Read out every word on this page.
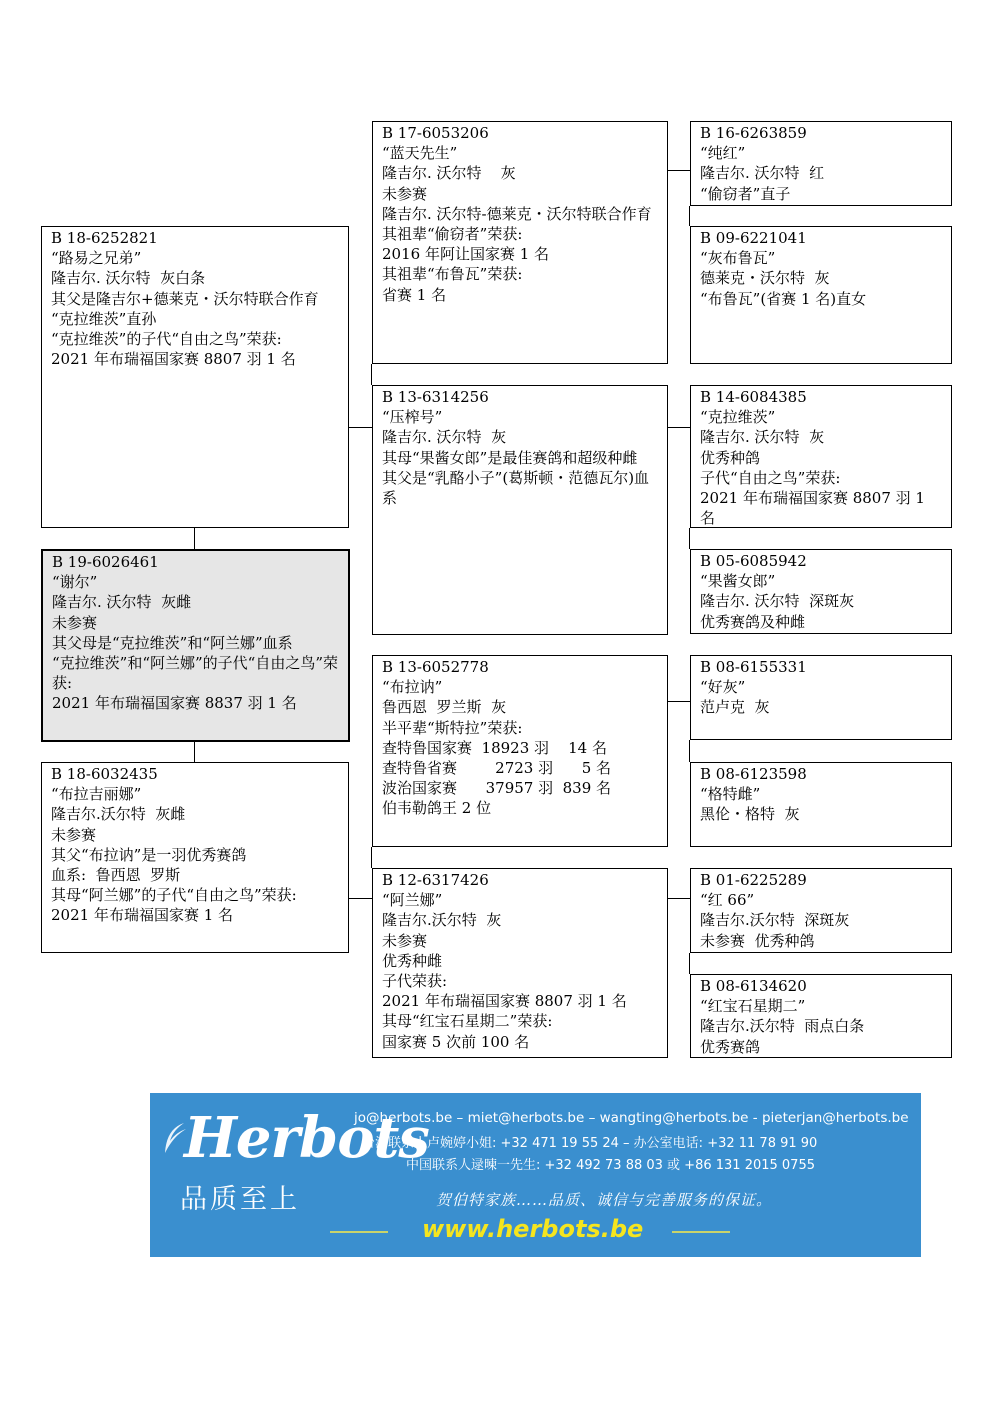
B 17-6053206
“蓝天先生”
隆吉尔. 沃尔特    灰
未参赛
隆吉尔. 沃尔特-德莱克・沃尔特联合作育
其祖辈“偷窃者”荣获:
2016 年阿让国家赛 1 名
其祖辈“布鲁瓦”荣获:
省赛 1 名
B 13-6314256
“压榨号”
隆吉尔. 沃尔特  灰
其母“果酱女郎”是最佳赛鸽和超级种雌
其父是“乳酪小子”(葛斯顿・范德瓦尔)血系
B 13-6052778
“布拉讷”
鲁西恩  罗兰斯  灰
半平辈“斯特拉”荣获:
查特鲁国家赛  18923 羽    14 名
查特鲁省赛        2723 羽      5 名
波治国家赛      37957 羽  839 名
伯韦勒鸽王 2 位
B 12-6317426
“阿兰娜”
隆吉尔.沃尔特  灰
未参赛
优秀种雌
子代荣获:
2021 年布瑞福国家赛 8807 羽 1 名
其母“红宝石星期二”荣获:
国家赛 5 次前 100 名
B 16-6263859
“纯红”
隆吉尔. 沃尔特  红
“偷窃者”直子
B 09-6221041
“灰布鲁瓦”
德莱克・沃尔特  灰
“布鲁瓦”(省赛 1 名)直女
B 14-6084385
“克拉维茨”
隆吉尔. 沃尔特  灰
优秀种鸽
子代“自由之鸟”荣获:
2021 年布瑞福国家赛 8807 羽 1 名
B 05-6085942
“果酱女郎”
隆吉尔. 沃尔特  深斑灰
优秀赛鸽及种雌
B 08-6155331
“好灰”
范卢克  灰
B 08-6123598
“格特雌”
黑伦・格特  灰
B 01-6225289
“红 66”
隆吉尔.沃尔特  深斑灰
未参赛  优秀种鸽
B 08-6134620
“红宝石星期二”
隆吉尔.沃尔特  雨点白条
优秀赛鸽
B 18-6252821
“路易之兄弟”
隆吉尔. 沃尔特  灰白条
其父是隆吉尔+德莱克・沃尔特联合作育
“克拉维茨”直孙
“克拉维茨”的子代“自由之鸟”荣获:
2021 年布瑞福国家赛 8807 羽 1 名
B 18-6032435
“布拉吉丽娜”
隆吉尔.沃尔特  灰雌
未参赛
其父“布拉讷”是一羽优秀赛鸽
血系:  鲁西恩  罗斯
其母“阿兰娜”的子代“自由之鸟”荣获:
2021 年布瑞福国家赛 1 名
B 19-6026461
“谢尔”
隆吉尔. 沃尔特  灰雌
未参赛
其父母是“克拉维茨”和“阿兰娜”血系
“克拉维茨”和“阿兰娜”的子代“自由之鸟”荣获:
2021 年布瑞福国家赛 8837 羽 1 名
Herbots
品质至上
jo@herbots.be – miet@herbots.be – wangting@herbots.be - pieterjan@herbots.be
台湾联系人卢婉婷小姐: +32 471 19 55 24 – 办公室电话: +32 11 78 91 90
中国联系人逯暕一先生: +32 492 73 88 03 或 +86 131 2015 0755
贺伯特家族……品质、诚信与完善服务的保证。
www.herbots.be
